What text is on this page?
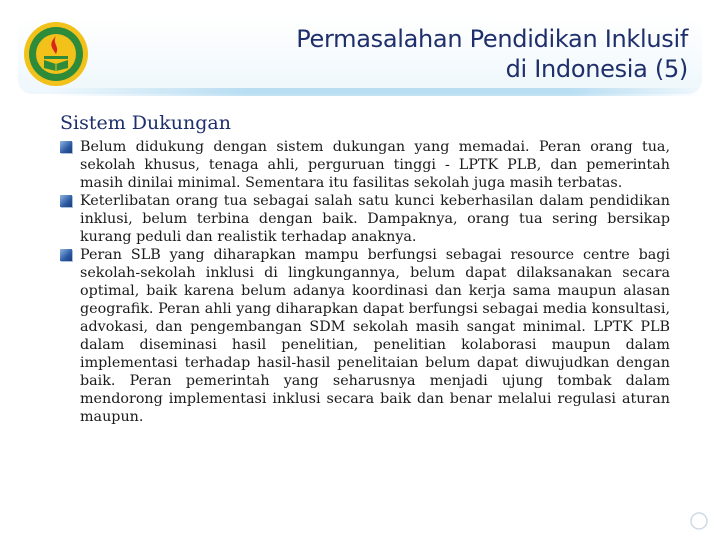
Permasalahan Pendidikan Inklusif
di Indonesia (5)
Sistem Dukungan
Belum didukung dengan sistem dukungan yang memadai. Peran orang tua, sekolah khusus, tenaga ahli, perguruan tinggi - LPTK PLB, dan pemerintah masih dinilai minimal. Sementara itu fasilitas sekolah juga masih terbatas.
Keterlibatan orang tua sebagai salah satu kunci keberhasilan dalam pendidikan inklusi, belum terbina dengan baik. Dampaknya, orang tua sering bersikap kurang peduli dan realistik terhadap anaknya.
Peran SLB yang diharapkan mampu berfungsi sebagai resource centre bagi sekolah-sekolah inklusi di lingkungannya, belum dapat dilaksanakan secara optimal, baik karena belum adanya koordinasi dan kerja sama maupun alasan geografik. Peran ahli yang diharapkan dapat berfungsi sebagai media konsultasi, advokasi, dan pengembangan SDM sekolah masih sangat minimal. LPTK PLB dalam diseminasi hasil penelitian, penelitian kolaborasi maupun dalam implementasi terhadap hasil-hasil penelitaian belum dapat diwujudkan dengan baik. Peran pemerintah yang seharusnya menjadi ujung tombak dalam mendorong implementasi inklusi secara baik dan benar melalui regulasi aturan maupun.
